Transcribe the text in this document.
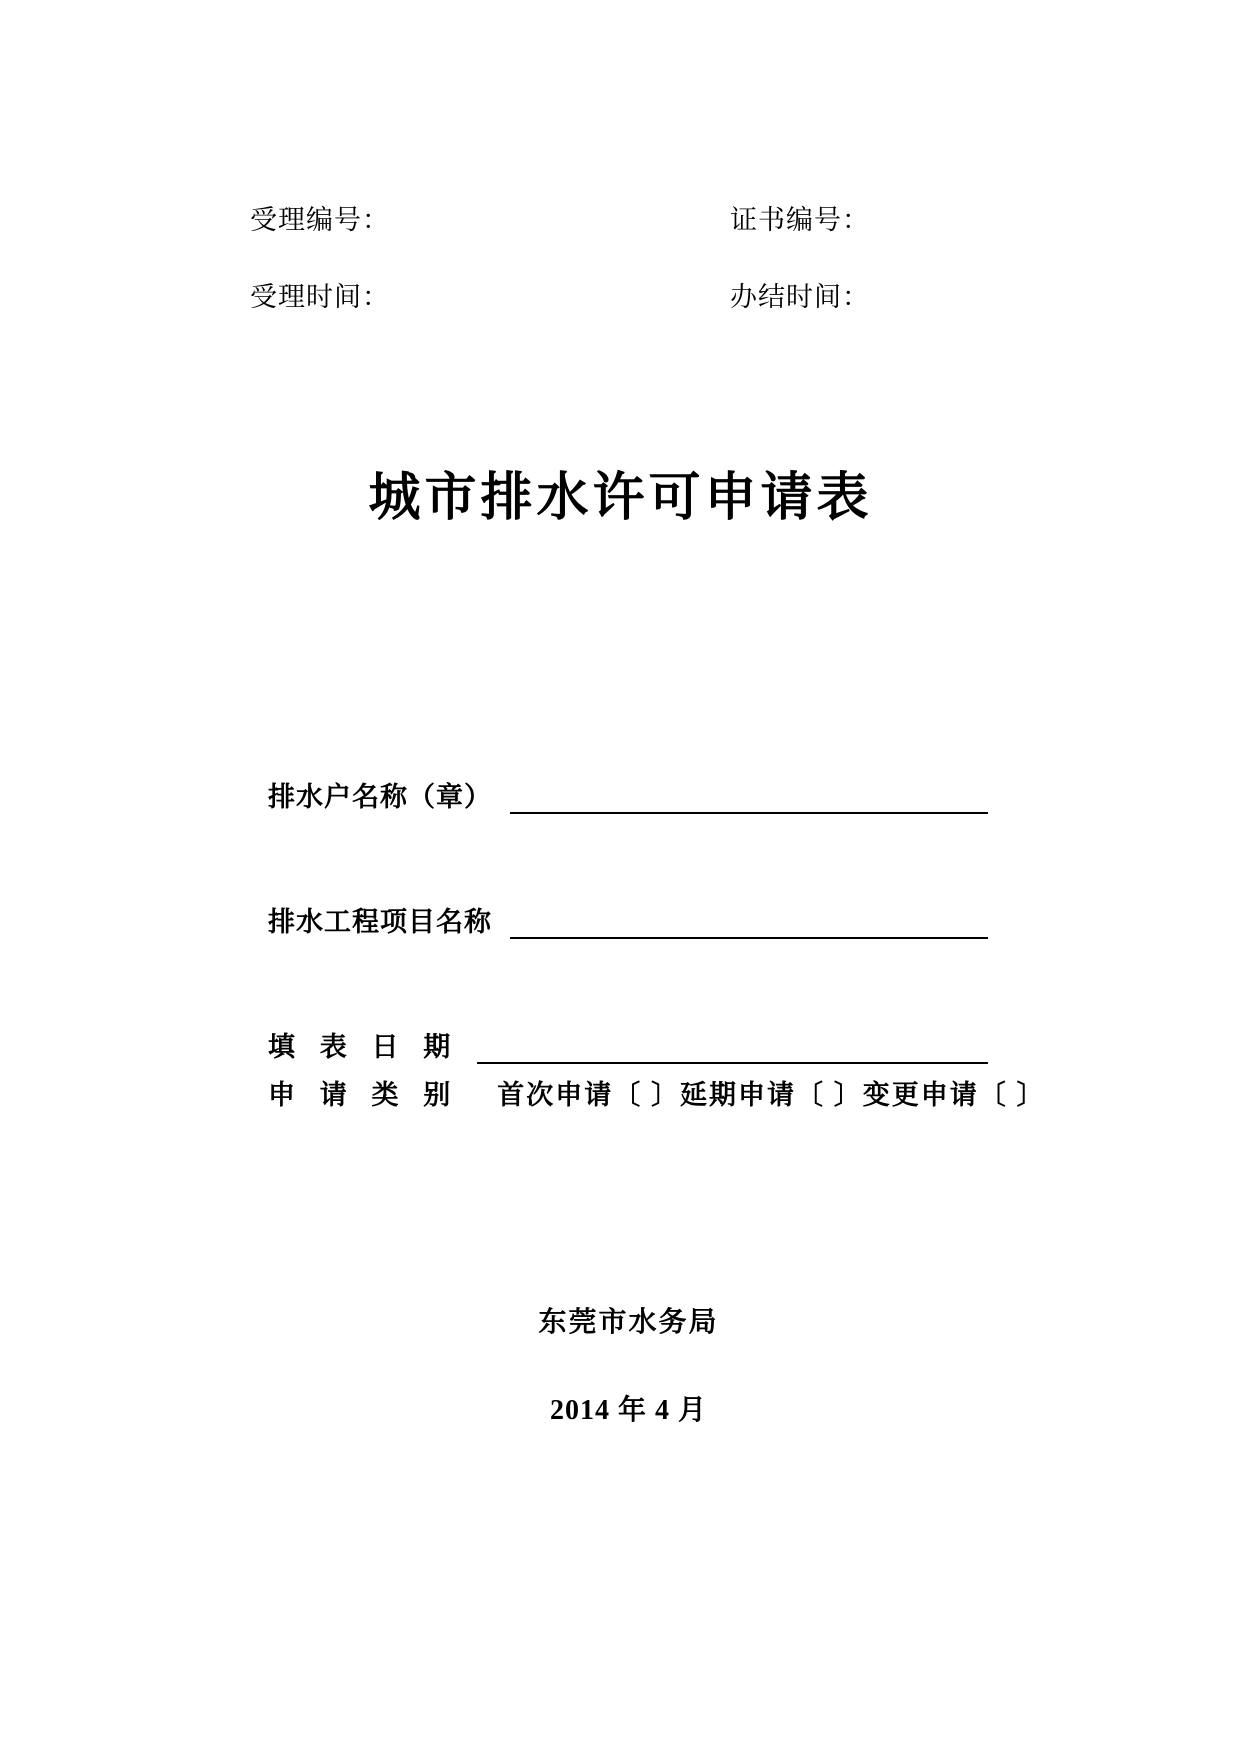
受理编号：	证书编号：
受理时间：	办结时间：
城市排水许可申请表
排水户名称（章）
排水工程项目名称
填 表 日 期
申 请 类 别 首次申请〔 〕延期申请〔 〕变更申请〔 〕
东莞市水务局
2014 年 4 月
